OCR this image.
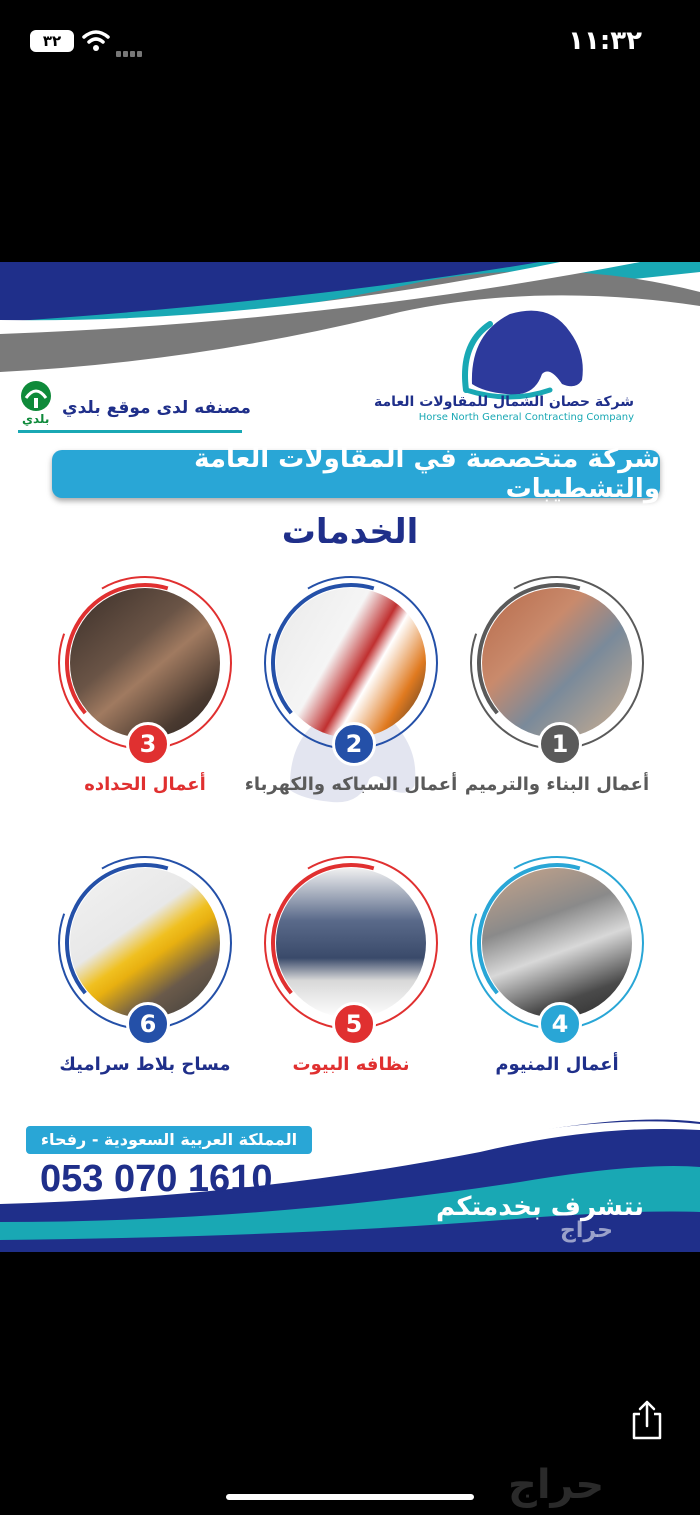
٣٢	١١:٣٢
شركة حصان الشمال للمقاولات العامة
Horse North General Contracting Company
مصنفه لدى موقع بلدي
بلدي
شركة متخصصة في المقاولات العامة والتشطيبات
الخدمات
1
أعمال البناء والترميم
2
أعمال السباكه والكهرباء
3
أعمال الحداده
4
أعمال المنيوم
5
نظافه البيوت
6
مساح بلاط سراميك
المملكة العربية السعودية - رفحاء
053 070 1610
نتشرف بخدمتكم
حراج
حراج
